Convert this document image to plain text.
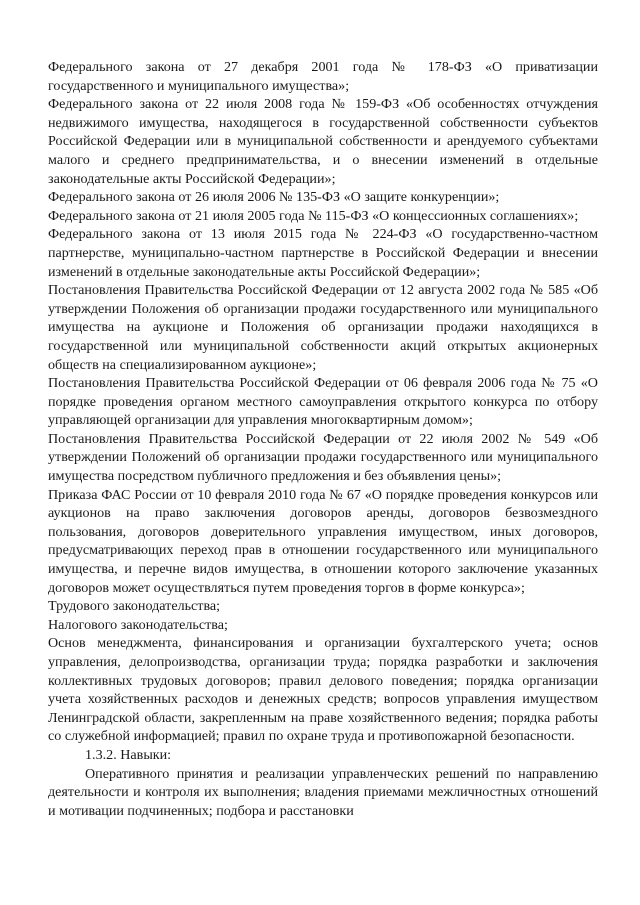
Федерального закона от 27 декабря 2001 года № 178-ФЗ «О приватизации государственного и муниципального имущества»;

Федерального закона от 22 июля 2008 года № 159-ФЗ «Об особенностях отчуждения недвижимого имущества, находящегося в государственной собственности субъектов Российской Федерации или в муниципальной собственности и арендуемого субъектами малого и среднего предпринимательства, и о внесении изменений в отдельные законодательные акты Российской Федерации»;

Федерального закона от 26 июля 2006 № 135-ФЗ «О защите конкуренции»;

Федерального закона от 21 июля 2005 года № 115-ФЗ «О концессионных соглашениях»;

Федерального закона от 13 июля 2015 года № 224-ФЗ «О государственно-частном партнерстве, муниципально-частном партнерстве в Российской Федерации и внесении изменений в отдельные законодательные акты Российской Федерации»;

Постановления Правительства Российской Федерации от 12 августа 2002 года № 585 «Об утверждении Положения об организации продажи государственного или муниципального имущества на аукционе и Положения об организации продажи находящихся в государственной или муниципальной собственности акций открытых акционерных обществ на специализированном аукционе»;

Постановления Правительства Российской Федерации от 06 февраля 2006 года № 75 «О порядке проведения органом местного самоуправления открытого конкурса по отбору управляющей организации для управления многоквартирным домом»;

Постановления Правительства Российской Федерации от 22 июля 2002 № 549 «Об утверждении Положений об организации продажи государственного или муниципального имущества посредством публичного предложения и без объявления цены»;

Приказа ФАС России от 10 февраля 2010 года № 67 «О порядке проведения конкурсов или аукционов на право заключения договоров аренды, договоров безвозмездного пользования, договоров доверительного управления имуществом, иных договоров, предусматривающих переход прав в отношении государственного или муниципального имущества, и перечне видов имущества, в отношении которого заключение указанных договоров может осуществляться путем проведения торгов в форме конкурса»;

Трудового законодательства;

Налогового законодательства;

Основ менеджмента, финансирования и организации бухгалтерского учета; основ управления, делопроизводства, организации труда; порядка разработки и заключения коллективных трудовых договоров; правил делового поведения; порядка организации учета хозяйственных расходов и денежных средств; вопросов управления имуществом Ленинградской области, закрепленным на праве хозяйственного ведения; порядка работы со служебной информацией; правил по охране труда и противопожарной безопасности.

1.3.2. Навыки:

Оперативного принятия и реализации управленческих решений по направлению деятельности и контроля их выполнения; владения приемами межличностных отношений и мотивации подчиненных; подбора и расстановки
